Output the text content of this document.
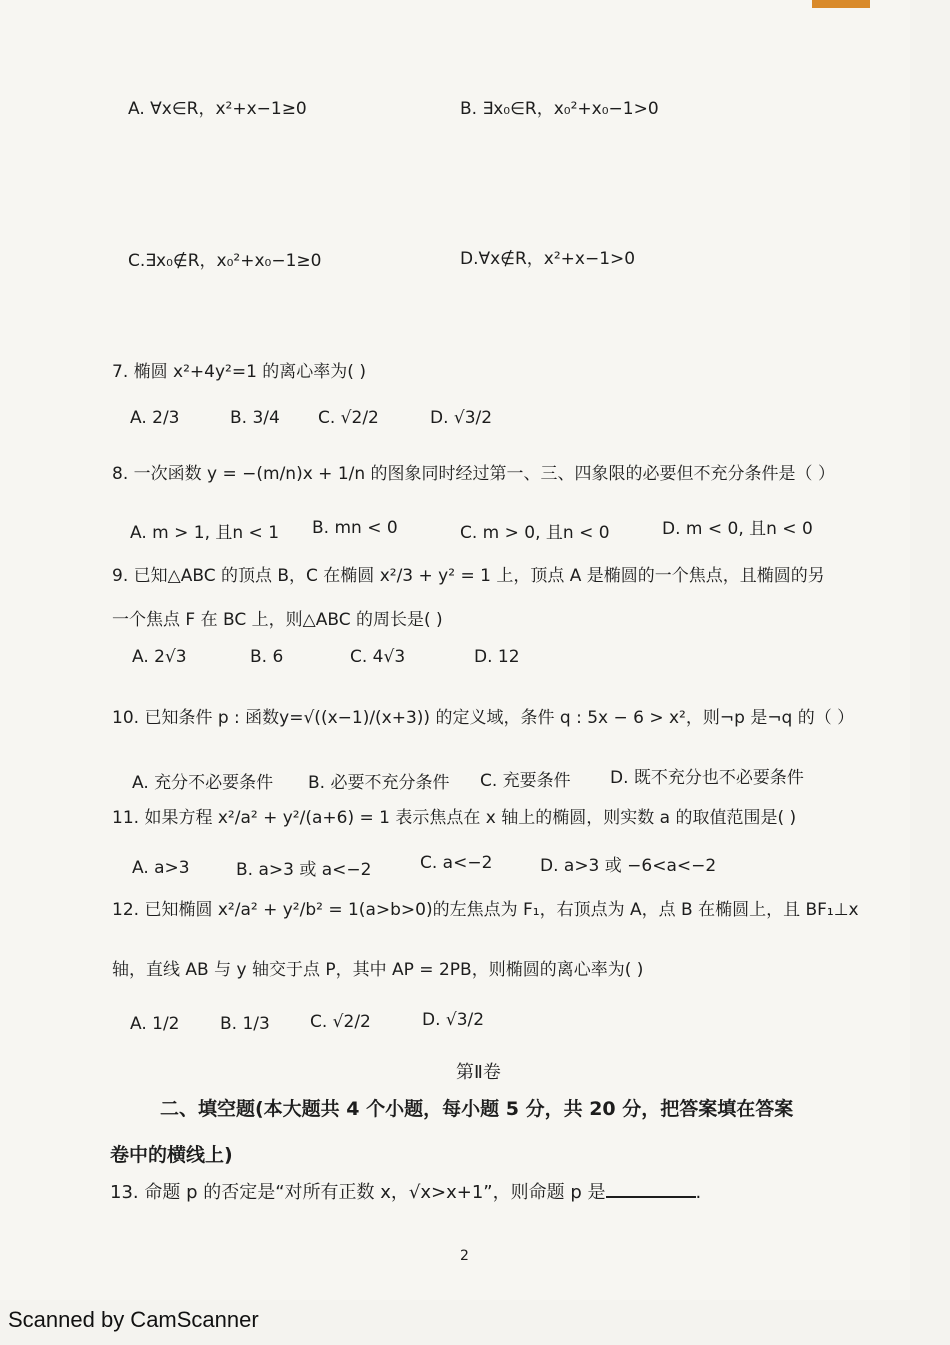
A. ∀x∈R，x²+x−1≥0	B. ∃x₀∈R，x₀²+x₀−1>0
C.∃x₀∉R，x₀²+x₀−1≥0	D.∀x∉R，x²+x−1>0
7. 椭圆 x²+4y²=1 的离心率为( )
A. 2/3	B. 3/4 C. √2/2	D. √3/2
8. 一次函数 y = −(m/n)x + 1/n 的图象同时经过第一、三、四象限的必要但不充分条件是（ ）
A. m > 1, 且n < 1 B. mn < 0	C. m > 0, 且n < 0	D. m < 0, 且n < 0
9. 已知△ABC 的顶点 B，C 在椭圆 x²/3 + y² = 1 上，顶点 A 是椭圆的一个焦点，且椭圆的另
一个焦点 F 在 BC 上，则△ABC 的周长是( )
A. 2√3	B. 6	C. 4√3	D. 12
10. 已知条件 p : 函数y=√((x−1)/(x+3)) 的定义域，条件 q : 5x − 6 > x²，则¬p 是¬q 的（ ）
A. 充分不必要条件 B. 必要不充分条件 C. 充要条件 D. 既不充分也不必要条件
11. 如果方程 x²/a² + y²/(a+6) = 1 表示焦点在 x 轴上的椭圆，则实数 a 的取值范围是( )
A. a>3	B. a>3 或 a<−2	C. a<−2	D. a>3 或 −6<a<−2
12. 已知椭圆 x²/a² + y²/b² = 1(a>b>0)的左焦点为 F₁，右顶点为 A，点 B 在椭圆上，且 BF₁⊥x
轴，直线 AB 与 y 轴交于点 P，其中 AP = 2PB，则椭圆的离心率为( )
A. 1/2 B. 1/3 C. √2/2	D. √3/2
第Ⅱ卷
二、填空题(本大题共 4 个小题，每小题 5 分，共 20 分，把答案填在答案
卷中的横线上)
13. 命题 p 的否定是“对所有正数 x，√x>x+1”，则命题 p 是	.
2
Scanned by CamScanner
